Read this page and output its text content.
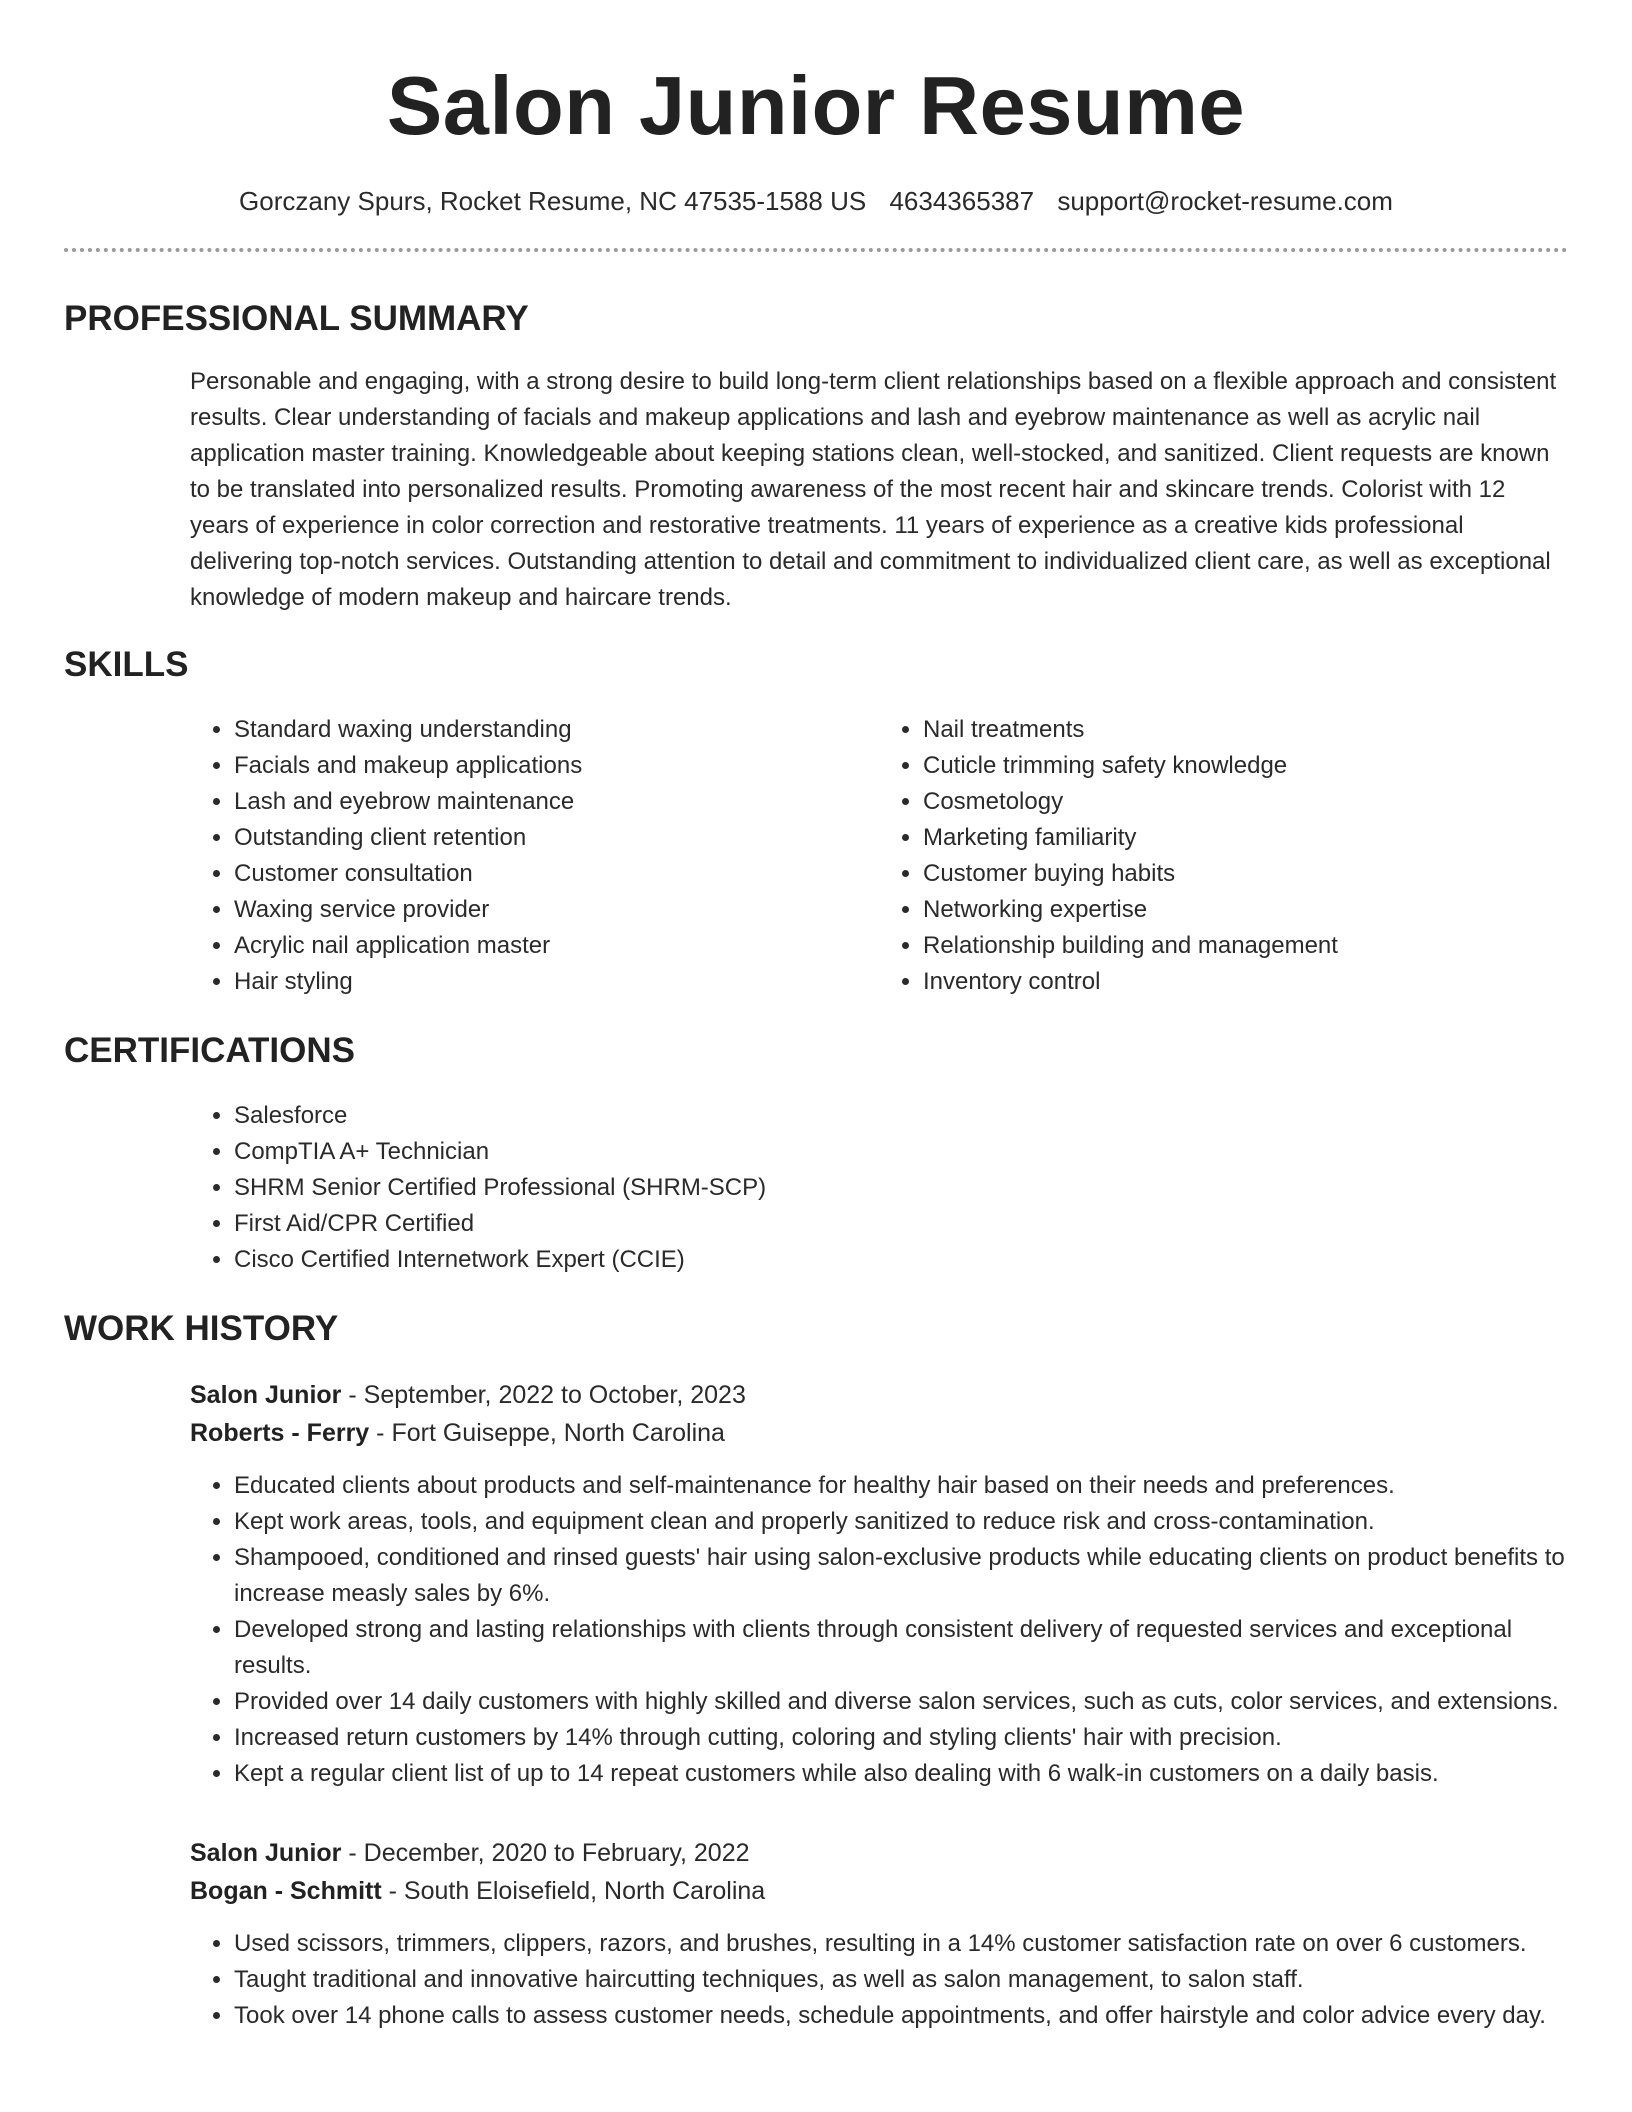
Salon Junior Resume
Gorczany Spurs, Rocket Resume, NC 47535-1588 US 4634365387 support@rocket-resume.com
PROFESSIONAL SUMMARY
Personable and engaging, with a strong desire to build long-term client relationships based on a flexible approach and consistent results. Clear understanding of facials and makeup applications and lash and eyebrow maintenance as well as acrylic nail application master training. Knowledgeable about keeping stations clean, well-stocked, and sanitized. Client requests are known to be translated into personalized results. Promoting awareness of the most recent hair and skincare trends. Colorist with 12 years of experience in color correction and restorative treatments. 11 years of experience as a creative kids professional delivering top-notch services. Outstanding attention to detail and commitment to individualized client care, as well as exceptional knowledge of modern makeup and haircare trends.
SKILLS
• Standard waxing understanding
• Facials and makeup applications
• Lash and eyebrow maintenance
• Outstanding client retention
• Customer consultation
• Waxing service provider
• Acrylic nail application master
• Hair styling
• Nail treatments
• Cuticle trimming safety knowledge
• Cosmetology
• Marketing familiarity
• Customer buying habits
• Networking expertise
• Relationship building and management
• Inventory control
CERTIFICATIONS
• Salesforce
• CompTIA A+ Technician
• SHRM Senior Certified Professional (SHRM-SCP)
• First Aid/CPR Certified
• Cisco Certified Internetwork Expert (CCIE)
WORK HISTORY
Salon Junior - September, 2022 to October, 2023
Roberts - Ferry - Fort Guiseppe, North Carolina
• Educated clients about products and self-maintenance for healthy hair based on their needs and preferences.
• Kept work areas, tools, and equipment clean and properly sanitized to reduce risk and cross-contamination.
• Shampooed, conditioned and rinsed guests' hair using salon-exclusive products while educating clients on product benefits to increase measly sales by 6%.
• Developed strong and lasting relationships with clients through consistent delivery of requested services and exceptional results.
• Provided over 14 daily customers with highly skilled and diverse salon services, such as cuts, color services, and extensions.
• Increased return customers by 14% through cutting, coloring and styling clients' hair with precision.
• Kept a regular client list of up to 14 repeat customers while also dealing with 6 walk-in customers on a daily basis.
Salon Junior - December, 2020 to February, 2022
Bogan - Schmitt - South Eloisefield, North Carolina
• Used scissors, trimmers, clippers, razors, and brushes, resulting in a 14% customer satisfaction rate on over 6 customers.
• Taught traditional and innovative haircutting techniques, as well as salon management, to salon staff.
• Took over 14 phone calls to assess customer needs, schedule appointments, and offer hairstyle and color advice every day.
